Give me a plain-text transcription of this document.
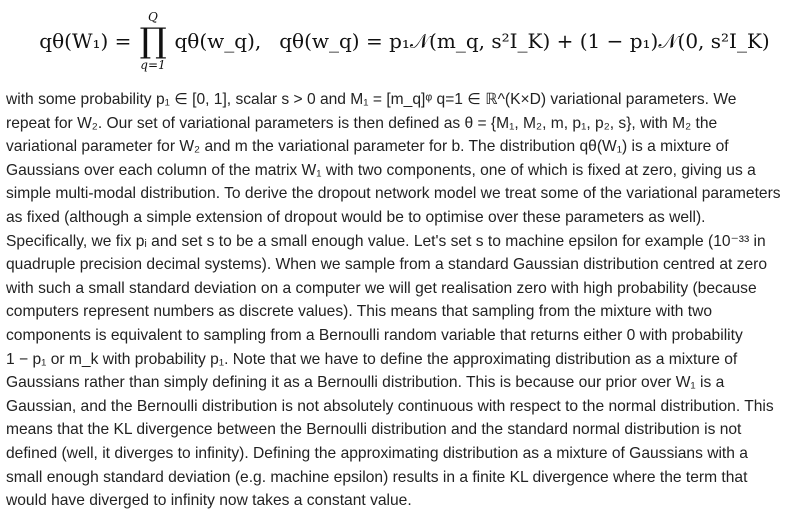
qθ(W₁) =
Q
∏
q=1
qθ(w_q), qθ(w_q) = p₁𝒩(m_q, s²I_K) + (1 − p₁)𝒩(0, s²I_K)
with some probability p₁ ∈ [0, 1], scalar s > 0 and M₁ = [m_q]ᵠ q=1 ∈ ℝ^(K×D) variational parameters. We
repeat for W₂. Our set of variational parameters is then defined as θ = {M₁, M₂, m, p₁, p₂, s}, with M₂ the
variational parameter for W₂ and m the variational parameter for b. The distribution qθ(W₁) is a mixture of
Gaussians over each column of the matrix W₁ with two components, one of which is fixed at zero, giving us a
simple multi-modal distribution. To derive the dropout network model we treat some of the variational parameters
as fixed (although a simple extension of dropout would be to optimise over these parameters as well).
Specifically, we fix pᵢ and set s to be a small enough value. Let's set s to machine epsilon for example (10⁻³³ in
quadruple precision decimal systems). When we sample from a standard Gaussian distribution centred at zero
with such a small standard deviation on a computer we will get realisation zero with high probability (because
computers represent numbers as discrete values). This means that sampling from the mixture with two
components is equivalent to sampling from a Bernoulli random variable that returns either 0 with probability
1 − p₁ or m_k with probability p₁. Note that we have to define the approximating distribution as a mixture of
Gaussians rather than simply defining it as a Bernoulli distribution. This is because our prior over W₁ is a
Gaussian, and the Bernoulli distribution is not absolutely continuous with respect to the normal distribution. This
means that the KL divergence between the Bernoulli distribution and the standard normal distribution is not
defined (well, it diverges to infinity). Defining the approximating distribution as a mixture of Gaussians with a
small enough standard deviation (e.g. machine epsilon) results in a finite KL divergence where the term that
would have diverged to infinity now takes a constant value.
